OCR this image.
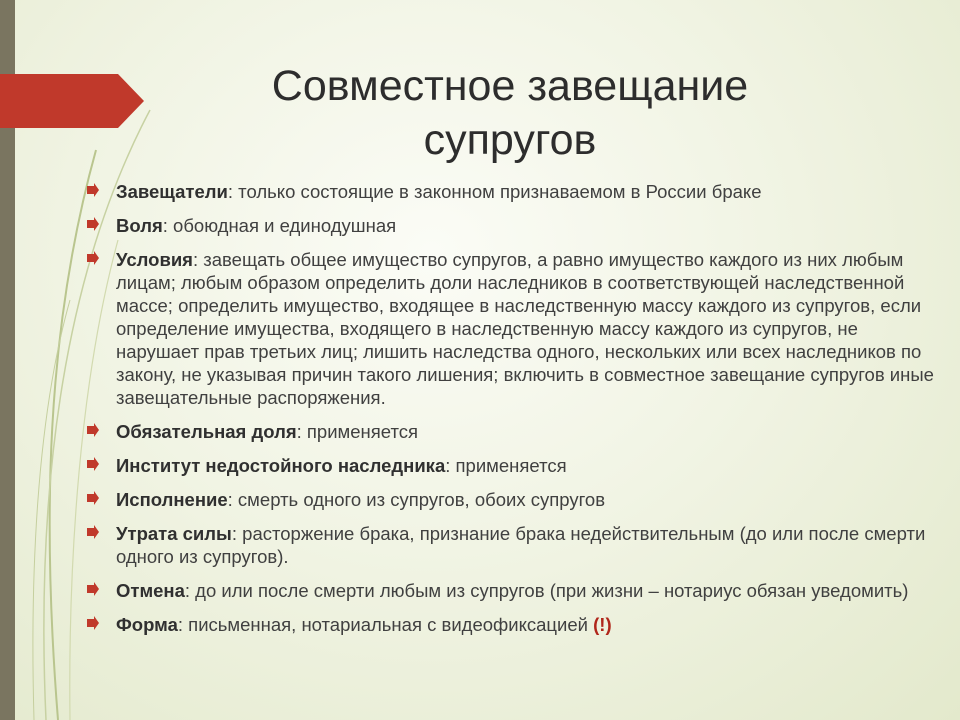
Совместное завещание
супругов
Завещатели: только состоящие в законном признаваемом в России браке
Воля: обоюдная и единодушная
Условия: завещать общее имущество супругов, а равно имущество каждого из них любым лицам; любым образом определить доли наследников в соответствующей наследственной массе; определить имущество, входящее в наследственную массу каждого из супругов, если определение имущества, входящего в наследственную массу каждого из супругов, не нарушает прав третьих лиц; лишить наследства одного, нескольких или всех наследников по закону, не указывая причин такого лишения; включить в совместное завещание супругов иные завещательные распоряжения.
Обязательная доля: применяется
Институт недостойного наследника: применяется
Исполнение: смерть одного из супругов, обоих супругов
Утрата силы: расторжение брака, признание брака недействительным (до или после смерти одного из супругов).
Отмена: до или после смерти любым из супругов (при жизни – нотариус обязан уведомить)
Форма: письменная, нотариальная с видеофиксацией (!)
